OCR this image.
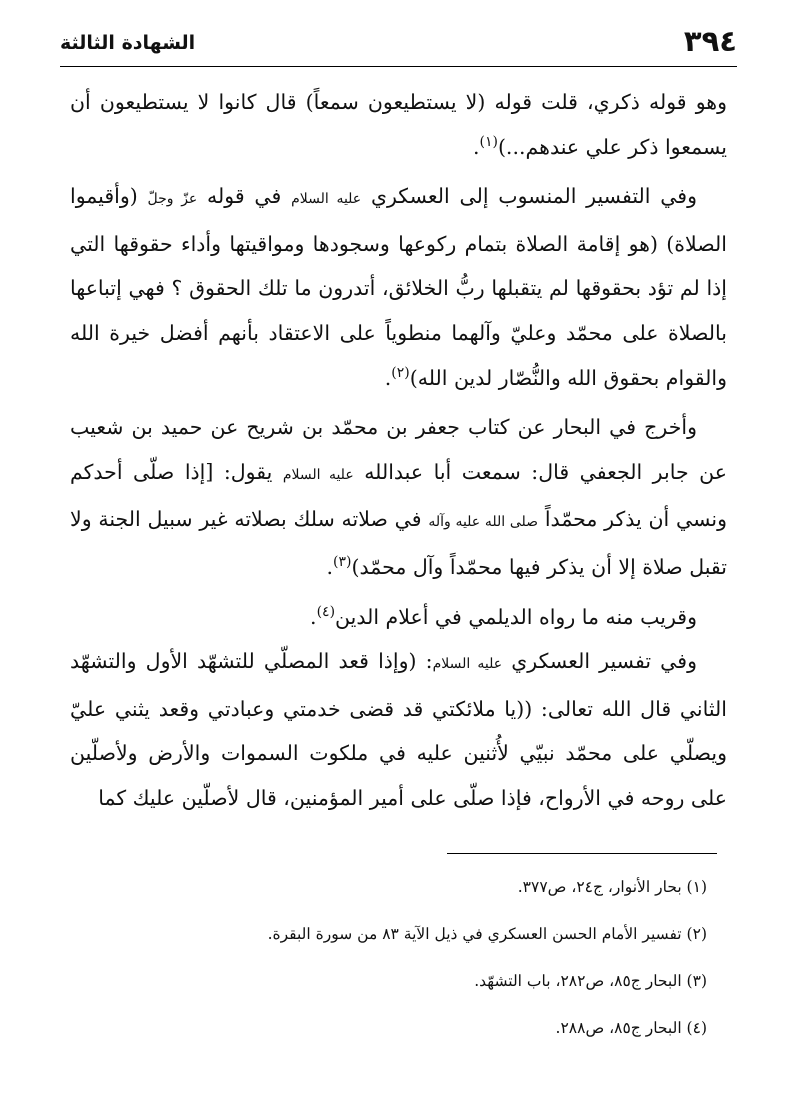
٣٩٤
الشهادة الثالثة

وهو قوله ذكري، قلت قوله (لا يستطيعون سمعاً) قال كانوا لا يستطيعون أن يسمعوا ذكر علي عندهم...)$^{(١)}$.

وفي التفسير المنسوب إلى العسكري عليه السلام في قوله عزّ وجلّ (وأقيموا الصلاة) (هو إقامة الصلاة بتمام ركوعها وسجودها ومواقيتها وأداء حقوقها التي إذا لم تؤد بحقوقها لم يتقبلها ربُّ الخلائق، أتدرون ما تلك الحقوق ؟ فهي إتباعها بالصلاة على محمّد وعليّ وآلهما منطوياً على الاعتقاد بأنهم أفضل خيرة الله والقوام بحقوق الله والنُّصّار لدين الله)$^{(٢)}$.

وأخرج في البحار عن كتاب جعفر بن محمّد بن شريح عن حميد بن شعيب عن جابر الجعفي قال: سمعت أبا عبدالله عليه السلام يقول: [إذا صلّى أحدكم ونسي أن يذكر محمّداً صلى الله عليه وآله في صلاته سلك بصلاته غير سبيل الجنة ولا تقبل صلاة إلا أن يذكر فيها محمّداً وآل محمّد)$^{(٣)}$.

وقريب منه ما رواه الديلمي في أعلام الدين$^{(٤)}$.

وفي تفسير العسكري عليه السلام: (وإذا قعد المصلّي للتشهّد الأول والتشهّد الثاني قال الله تعالى: ((يا ملائكتي قد قضى خدمتي وعبادتي وقعد يثني عليّ ويصلّي على محمّد نبيّي لأُثنين عليه في ملكوت السموات والأرض ولأصلّين على روحه في الأرواح، فإذا صلّى على أمير المؤمنين، قال لأصلّين عليك كما

(١) بحار الأنوار، ج٢٤، ص٣٧٧.
(٢) تفسير الأمام الحسن العسكري في ذيل الآية ٨٣ من سورة البقرة.
(٣) البحار ج٨٥، ص٢٨٢، باب التشهّد.
(٤) البحار ج٨٥، ص٢٨٨.
